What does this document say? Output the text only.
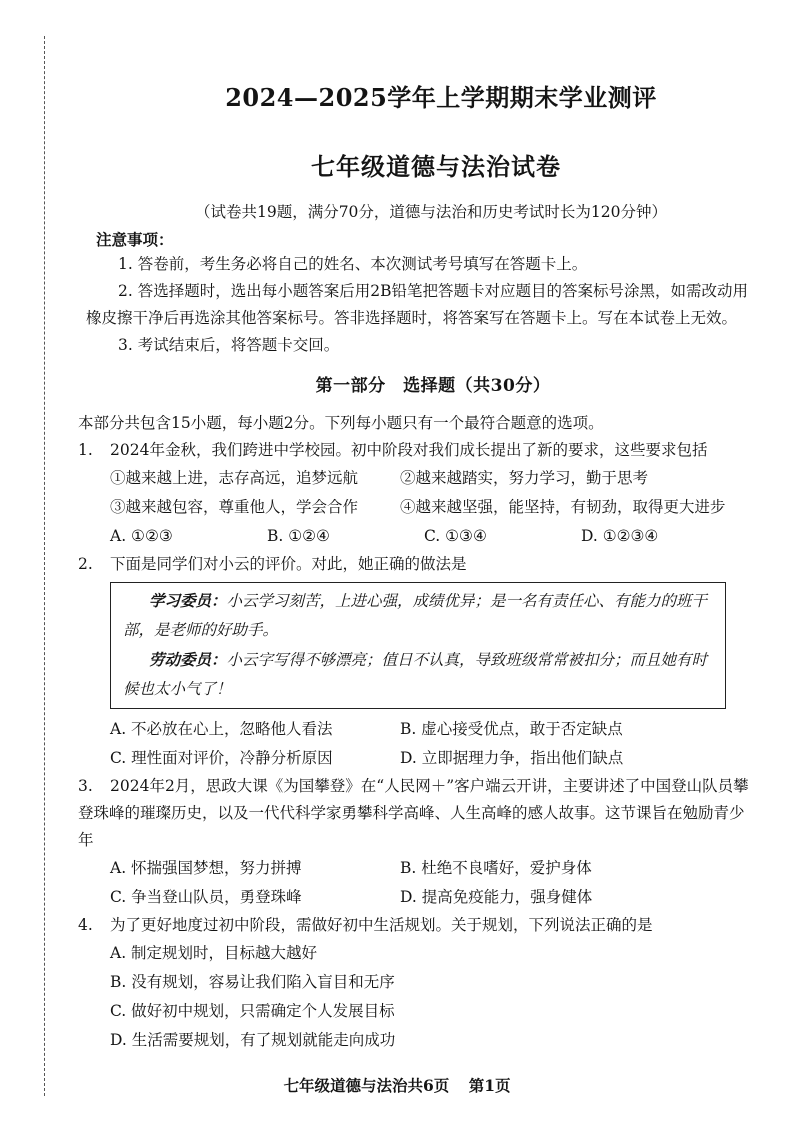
2024—2025学年上学期期末学业测评
七年级道德与法治试卷
（试卷共19题，满分70分，道德与法治和历史考试时长为120分钟）
注意事项：

1. 答卷前，考生务必将自己的姓名、本次测试考号填写在答题卡上。

2. 答选择题时，选出每小题答案后用2B铅笔把答题卡对应题目的答案标号涂黑，如需改动用橡皮擦干净后再选涂其他答案标号。答非选择题时，将答案写在答题卡上。写在本试卷上无效。

3. 考试结束后，将答题卡交回。

第一部分　选择题（共30分）
本部分共包含15小题，每小题2分。下列每小题只有一个最符合题意的选项。
1. 2024年金秋，我们跨进中学校园。初中阶段对我们成长提出了新的要求，这些要求包括
①越来越上进，志存高远，追梦远航	②越来越踏实，努力学习，勤于思考
③越来越包容，尊重他人，学会合作	④越来越坚强，能坚持，有韧劲，取得更大进步
A. ①②③	B. ①②④	C. ①③④	D. ①②③④
2. 下面是同学们对小云的评价。对此，她正确的做法是

学习委员：小云学习刻苦，上进心强，成绩优异；是一名有责任心、有能力的班干部，是老师的好助手。

劳动委员：小云字写得不够漂亮；值日不认真，导致班级常常被扣分；而且她有时候也太小气了！

A. 不必放在心上，忽略他人看法	B. 虚心接受优点，敢于否定缺点
C. 理性面对评价，冷静分析原因	D. 立即据理力争，指出他们缺点
3.	2024年2月，思政大课《为国攀登》在“人民网＋”客户端云开讲，主要讲述了中国登山队员攀登珠峰的璀璨历史，以及一代代科学家勇攀科学高峰、人生高峰的感人故事。这节课旨在勉励青少年
A. 怀揣强国梦想，努力拼搏	B. 杜绝不良嗜好，爱护身体
C. 争当登山队员，勇登珠峰	D. 提高免疫能力，强身健体
4. 为了更好地度过初中阶段，需做好初中生活规划。关于规划，下列说法正确的是
A. 制定规划时，目标越大越好
B. 没有规划，容易让我们陷入盲目和无序
C. 做好初中规划，只需确定个人发展目标
D. 生活需要规划，有了规划就能走向成功
七年级道德与法治共6页 第1页
